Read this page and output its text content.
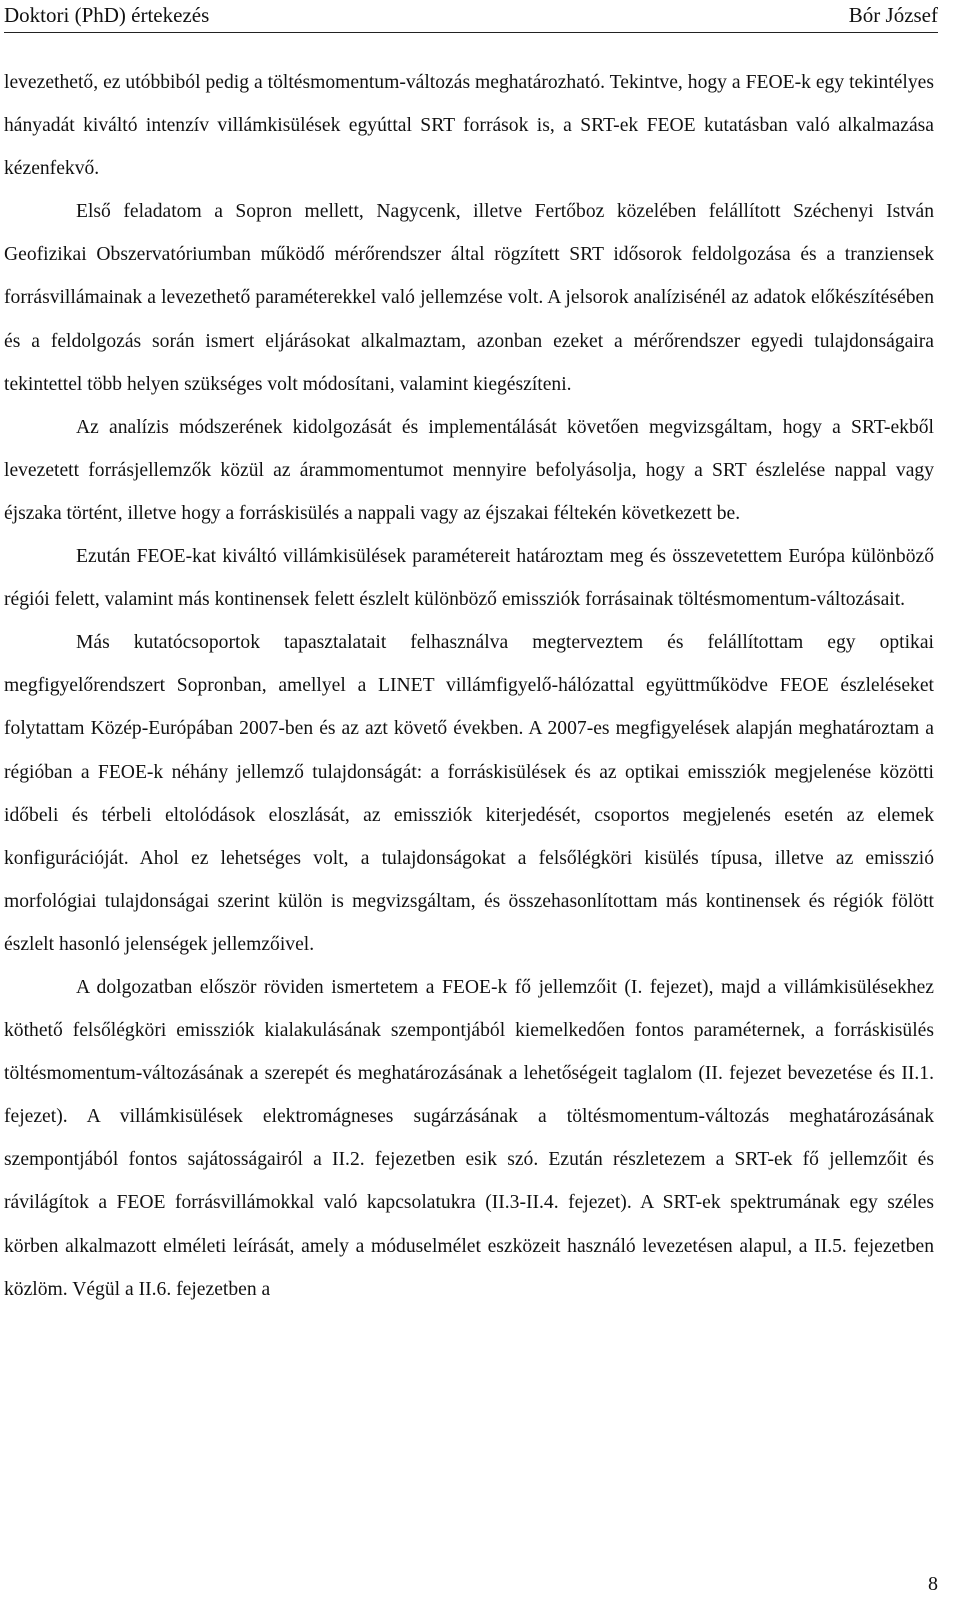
Doktori (PhD) értekezés	Bór József

levezethető, ez utóbbiból pedig a töltésmomentum-változás meghatározható. Tekintve, hogy a FEOE-k egy tekintélyes hányadát kiváltó intenzív villámkisülések egyúttal SRT források is, a SRT-ek FEOE kutatásban való alkalmazása kézenfekvő.

Első feladatom a Sopron mellett, Nagycenk, illetve Fertőboz közelében felállított Széchenyi István Geofizikai Obszervatóriumban működő mérőrendszer által rögzített SRT idősorok feldolgozása és a tranziensek forrásvillámainak a levezethető paraméterekkel való jellemzése volt. A jelsorok analízisénél az adatok előkészítésében és a feldolgozás során ismert eljárásokat alkalmaztam, azonban ezeket a mérőrendszer egyedi tulajdonságaira tekintettel több helyen szükséges volt módosítani, valamint kiegészíteni.

Az analízis módszerének kidolgozását és implementálását követően megvizsgáltam, hogy a SRT-ekből levezetett forrásjellemzők közül az árammomentumot mennyire befolyásolja, hogy a SRT észlelése nappal vagy éjszaka történt, illetve hogy a forráskisülés a nappali vagy az éjszakai féltekén következett be.

Ezután FEOE-kat kiváltó villámkisülések paramétereit határoztam meg és összevetettem Európa különböző régiói felett, valamint más kontinensek felett észlelt különböző emissziók forrásainak töltésmomentum-változásait.

Más kutatócsoportok tapasztalatait felhasználva megterveztem és felállítottam egy optikai megfigyelőrendszert Sopronban, amellyel a LINET villámfigyelő-hálózattal együttműködve FEOE észleléseket folytattam Közép-Európában 2007-ben és az azt követő években. A 2007-es megfigyelések alapján meghatároztam a régióban a FEOE-k néhány jellemző tulajdonságát: a forráskisülések és az optikai emissziók megjelenése közötti időbeli és térbeli eltolódások eloszlását, az emissziók kiterjedését, csoportos megjelenés esetén az elemek konfigurációját. Ahol ez lehetséges volt, a tulajdonságokat a felsőlégköri kisülés típusa, illetve az emisszió morfológiai tulajdonságai szerint külön is megvizsgáltam, és összehasonlítottam más kontinensek és régiók fölött észlelt hasonló jelenségek jellemzőivel.

A dolgozatban először röviden ismertetem a FEOE-k fő jellemzőit (I. fejezet), majd a villámkisülésekhez köthető felsőlégköri emissziók kialakulásának szempontjából kiemelkedően fontos paraméternek, a forráskisülés töltésmomentum-változásának a szerepét és meghatározásának a lehetőségeit taglalom (II. fejezet bevezetése és II.1. fejezet). A villámkisülések elektromágneses sugárzásának a töltésmomentum-változás meghatározásának szempontjából fontos sajátosságairól a II.2. fejezetben esik szó. Ezután részletezem a SRT-ek fő jellemzőit és rávilágítok a FEOE forrásvillámokkal való kapcsolatukra (II.3-II.4. fejezet). A SRT-ek spektrumának egy széles körben alkalmazott elméleti leírását, amely a móduselmélet eszközeit használó levezetésen alapul, a II.5. fejezetben közlöm. Végül a II.6. fejezetben a

8
